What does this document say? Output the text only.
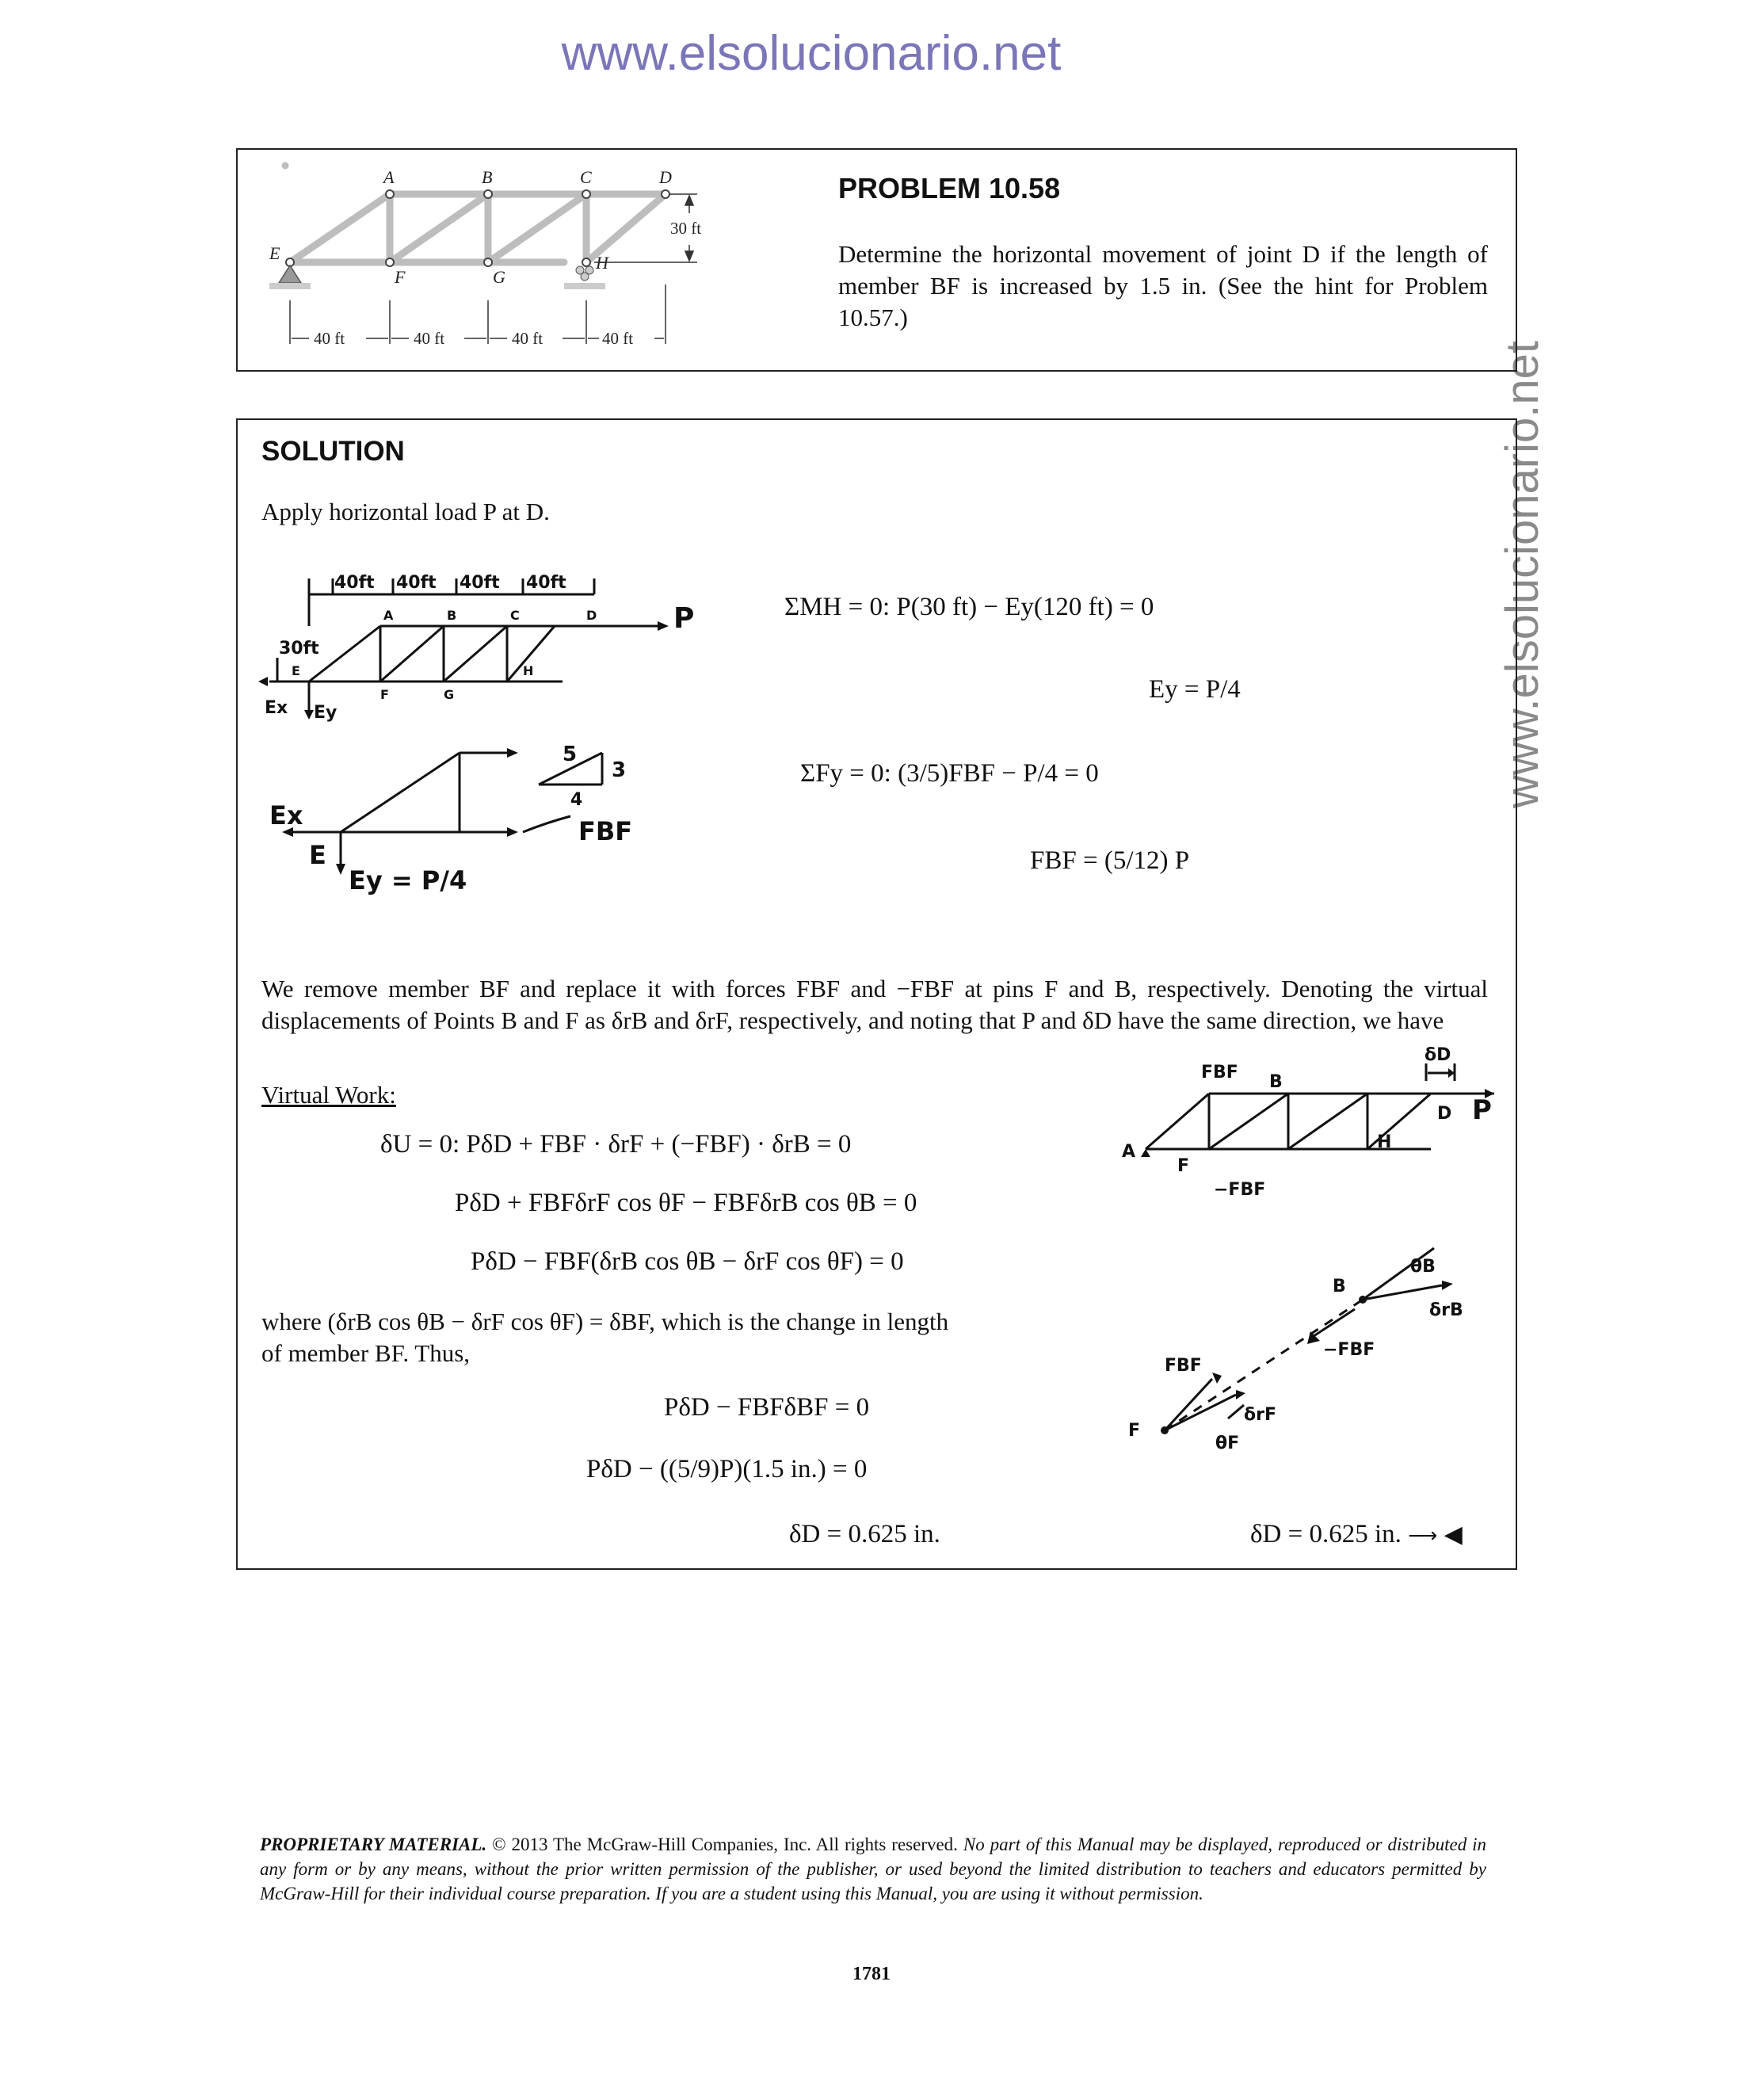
www.elsolucionario.net
www.elsolucionario.net
A	B	C	D
E
F	G
H
30 ft
40 ft	40 ft	40 ft	40 ft
PROBLEM 10.58
Determine the horizontal movement of joint D if the length of member BF is increased by 1.5 in. (See the hint for Problem 10.57.)
SOLUTION
Apply horizontal load P at D.
40ft 40ft 40ft 40ft
30ft
P
A	B	C	D
E
F	G
H
Ex Ey
Ex
E
Ey = P/4
FBF
5
3
4
ΣMH = 0: P(30 ft) − Ey(120 ft) = 0
Ey = P/4
ΣFy = 0: (3/5)FBF − P/4 = 0
FBF = (5/12) P
We remove member BF and replace it with forces FBF and −FBF at pins F and B, respectively. Denoting the virtual displacements of Points B and F as δrB and δrF, respectively, and noting that P and δD have the same direction, we have
Virtual Work:
δU = 0: PδD + FBF · δrF + (−FBF) · δrB = 0
PδD + FBFδrF cos θF − FBFδrB cos θB = 0
PδD − FBF(δrB cos θB − δrF cos θF) = 0
where (δrB cos θB − δrF cos θF) = δBF, which is the change in length of member BF. Thus,
PδD − FBFδBF = 0
PδD − ((5/9)P)(1.5 in.) = 0
δD = 0.625 in.	δD = 0.625 in. ⟶ ◀
FBF B
δD
A
F
−FBF
H
D P
B
θB
δrB
−FBF
FBF
F
δrF
θF
PROPRIETARY MATERIAL. © 2013 The McGraw-Hill Companies, Inc. All rights reserved. No part of this Manual may be displayed, reproduced or distributed in any form or by any means, without the prior written permission of the publisher, or used beyond the limited distribution to teachers and educators permitted by McGraw-Hill for their individual course preparation. If you are a student using this Manual, you are using it without permission.
1781
